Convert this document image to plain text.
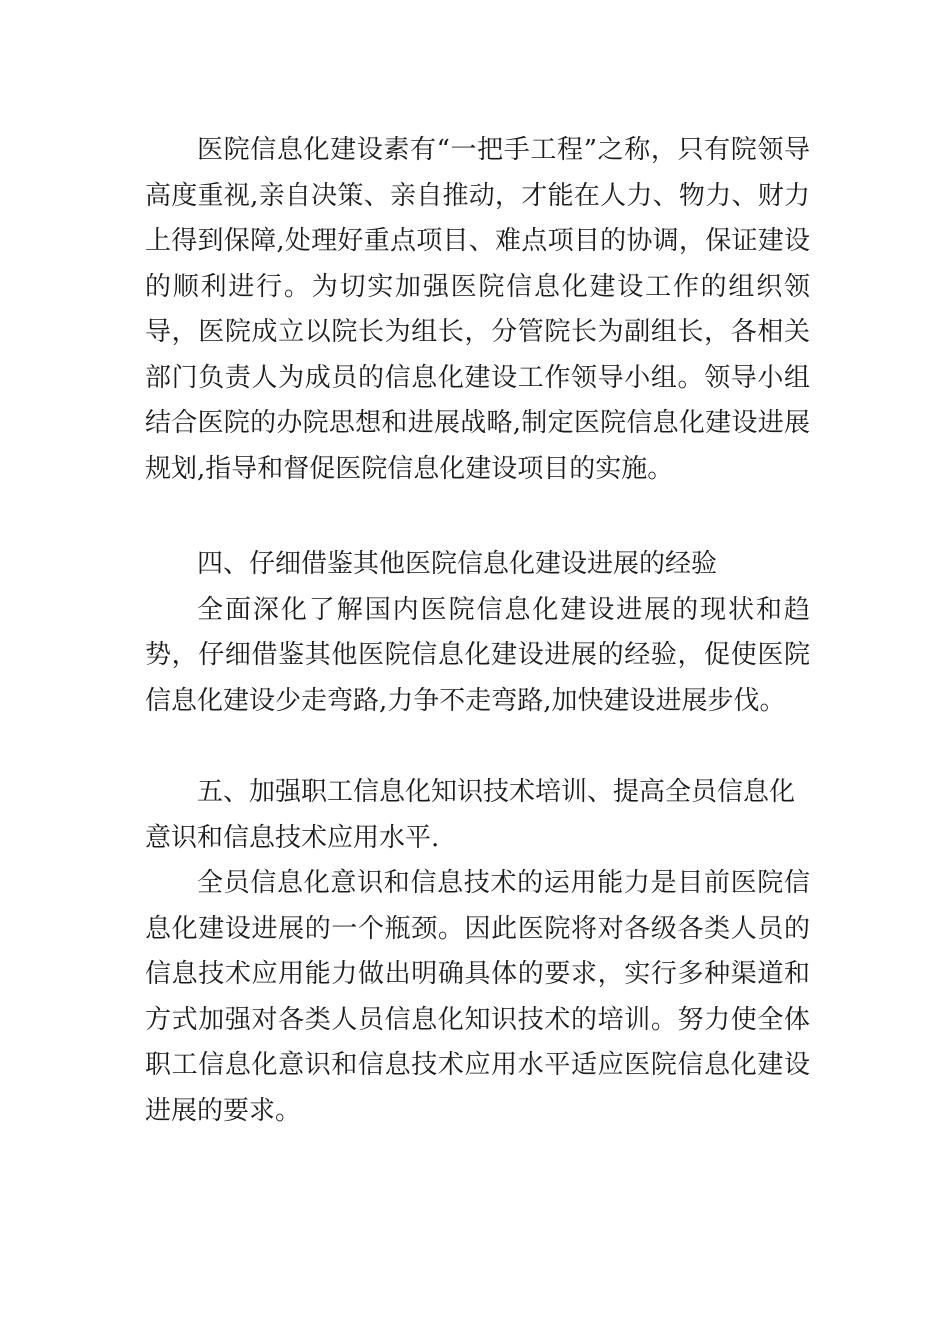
医院信息化建设素有“一把手工程”之称，只有院领导高度重视,亲自决策、亲自推动，才能在人力、物力、财力上得到保障,处理好重点项目、难点项目的协调，保证建设的顺利进行。为切实加强医院信息化建设工作的组织领导，医院成立以院长为组长，分管院长为副组长，各相关部门负责人为成员的信息化建设工作领导小组。领导小组结合医院的办院思想和进展战略,制定医院信息化建设进展规划,指导和督促医院信息化建设项目的实施。

四、仔细借鉴其他医院信息化建设进展的经验

全面深化了解国内医院信息化建设进展的现状和趋势，仔细借鉴其他医院信息化建设进展的经验，促使医院信息化建设少走弯路,力争不走弯路,加快建设进展步伐。

五、加强职工信息化知识技术培训、提高全员信息化意识和信息技术应用水平.

全员信息化意识和信息技术的运用能力是目前医院信息化建设进展的一个瓶颈。因此医院将对各级各类人员的信息技术应用能力做出明确具体的要求，实行多种渠道和方式加强对各类人员信息化知识技术的培训。努力使全体职工信息化意识和信息技术应用水平适应医院信息化建设进展的要求。
